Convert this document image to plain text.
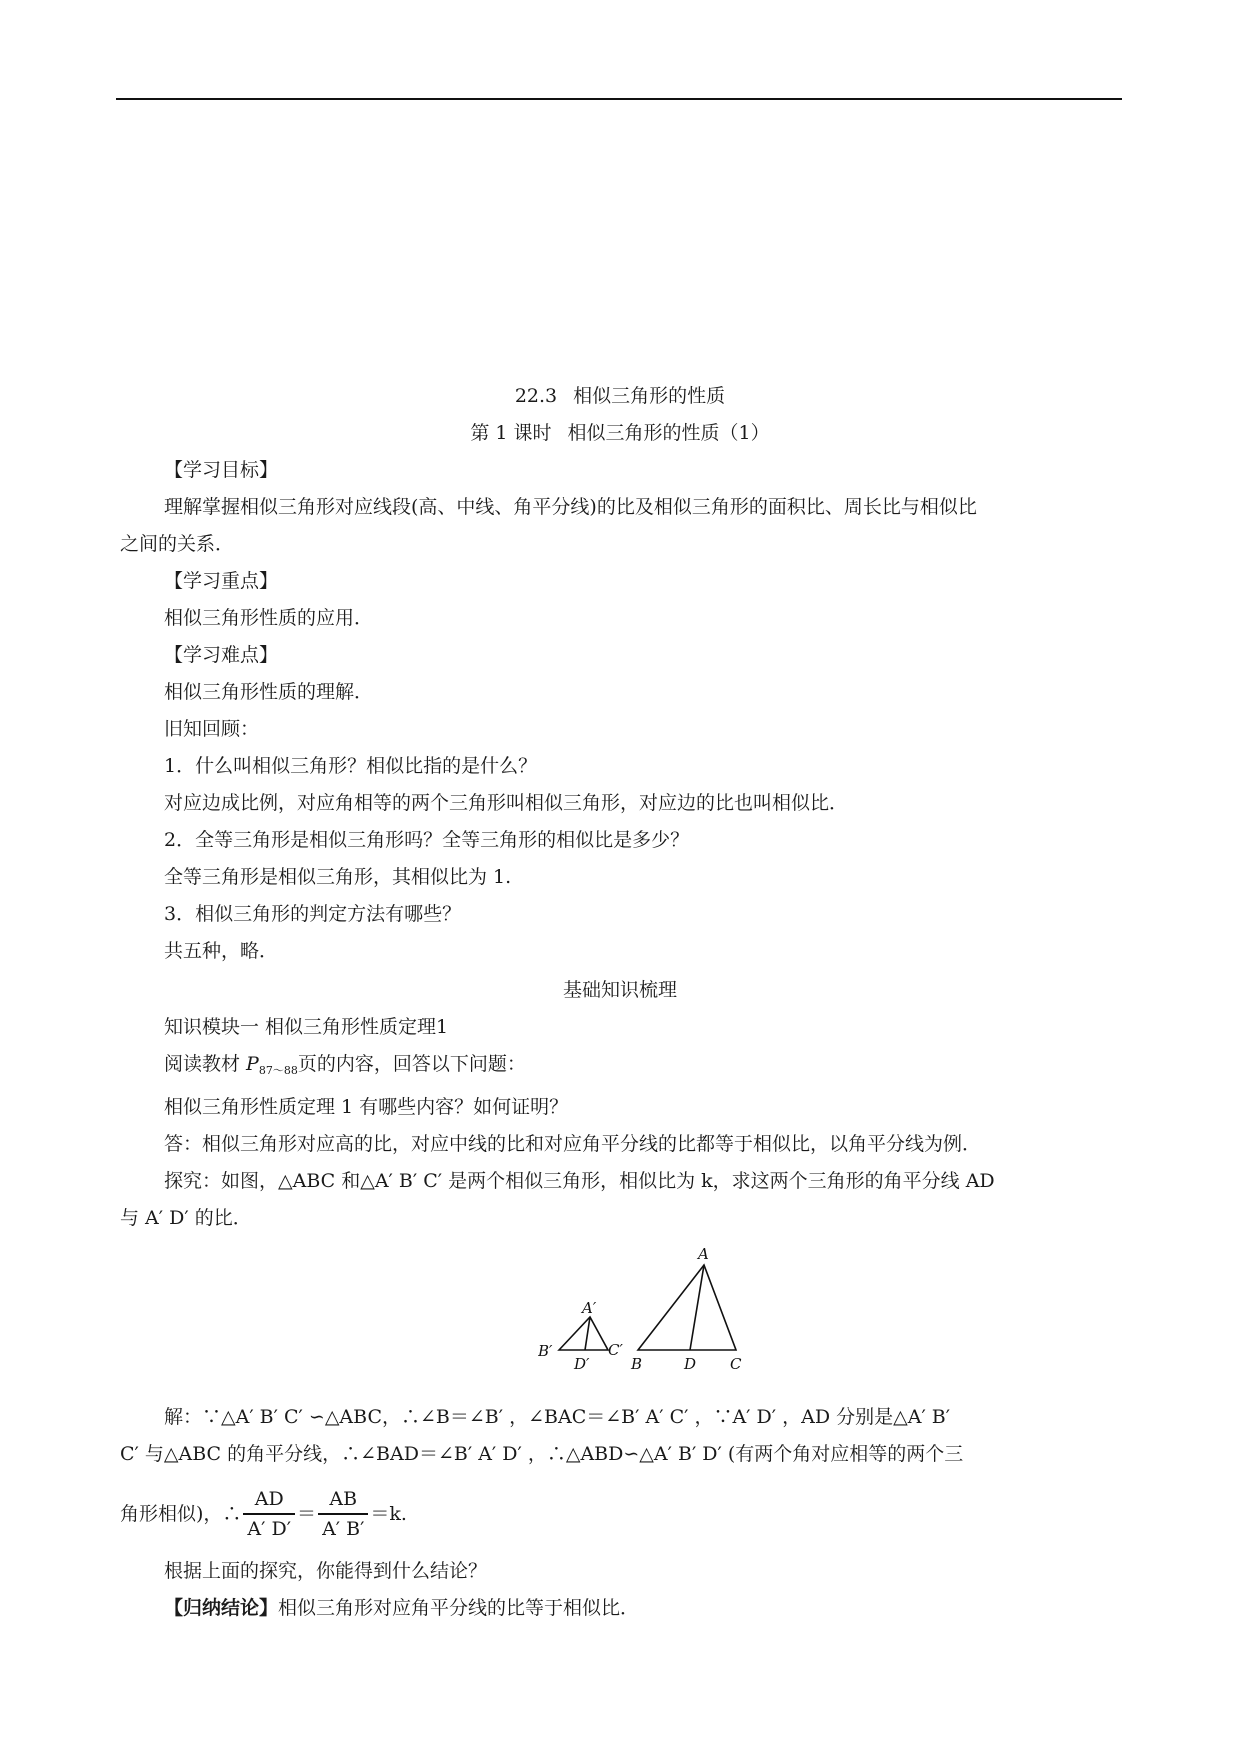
22.3 相似三角形的性质
第 1 课时 相似三角形的性质（1）
【学习目标】
理解掌握相似三角形对应线段(高、中线、角平分线)的比及相似三角形的面积比、周长比与相似比
之间的关系．
【学习重点】
相似三角形性质的应用．
【学习难点】
相似三角形性质的理解．
旧知回顾：
1．什么叫相似三角形？相似比指的是什么？
对应边成比例，对应角相等的两个三角形叫相似三角形，对应边的比也叫相似比．
2．全等三角形是相似三角形吗？全等三角形的相似比是多少？
全等三角形是相似三角形，其相似比为 1.
3．相似三角形的判定方法有哪些？
共五种，略．
基础知识梳理
知识模块一 相似三角形性质定理1
阅读教材 $P_{87\sim 88}$页的内容，回答以下问题：
相似三角形性质定理 1 有哪些内容？如何证明？
答：相似三角形对应高的比，对应中线的比和对应角平分线的比都等于相似比，以角平分线为例．
探究：如图，△ABC 和△A′ B′ C′ 是两个相似三角形，相似比为 k，求这两个三角形的角平分线 AD
与 A′ D′ 的比．
A′
B′
D′
C′
A
B	D C
解：∵△A′ B′ C′ ∽△ABC，∴∠B＝∠B′ ，∠BAC＝∠B′ A′ C′ ，∵A′ D′ ，AD 分别是△A′ B′
C′ 与△ABC 的角平分线，∴∠BAD＝∠B′ A′ D′ ，∴△ABD∽△A′ B′ D′ (有两个角对应相等的两个三
角形相似)，∴ $\frac{AD}{A' D'} = \frac{AB}{A' B'} =k$.
根据上面的探究，你能得到什么结论？
【归纳结论】相似三角形对应角平分线的比等于相似比．
